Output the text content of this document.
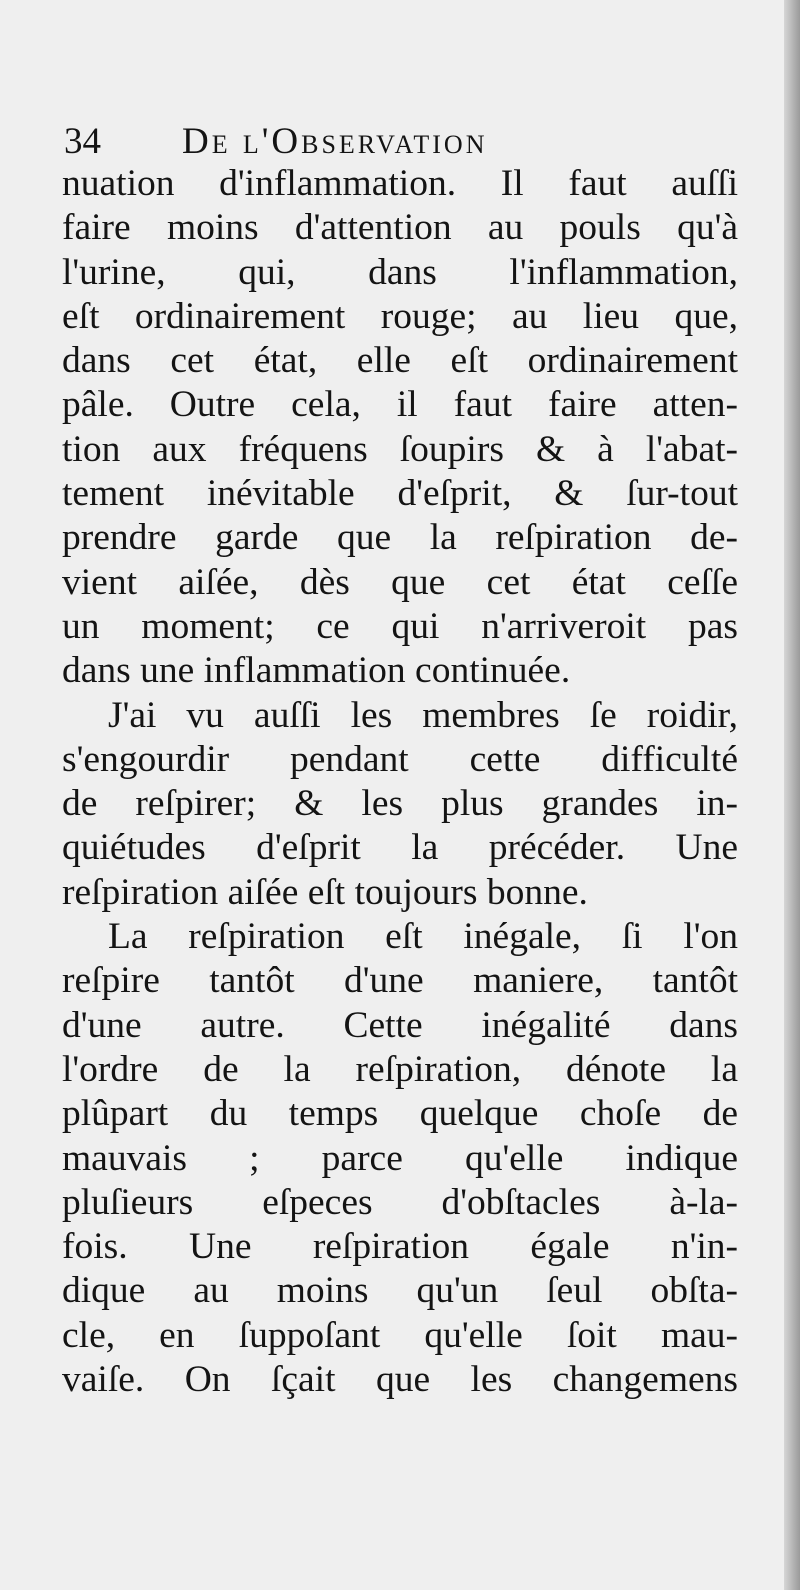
34 De l'Observation
nuation d'inflammation. Il faut auſſi
faire moins d'attention au pouls qu'à
l'urine, qui, dans l'inflammation,
eſt ordinairement rouge; au lieu que,
dans cet état, elle eſt ordinairement
pâle. Outre cela, il faut faire atten-
tion aux fréquens ſoupirs & à l'abat-
tement inévitable d'eſprit, & ſur-tout
prendre garde que la reſpiration de-
vient aiſée, dès que cet état ceſſe
un moment; ce qui n'arriveroit pas
dans une inflammation continuée.
J'ai vu auſſi les membres ſe roidir,
s'engourdir pendant cette difficulté
de reſpirer; & les plus grandes in-
quiétudes d'eſprit la précéder. Une
reſpiration aiſée eſt toujours bonne.
La reſpiration eſt inégale, ſi l'on
reſpire tantôt d'une maniere, tantôt
d'une autre. Cette inégalité dans
l'ordre de la reſpiration, dénote la
plûpart du temps quelque choſe de
mauvais ; parce qu'elle indique
pluſieurs eſpeces d'obſtacles à-la-
fois. Une reſpiration égale n'in-
dique au moins qu'un ſeul obſta-
cle, en ſuppoſant qu'elle ſoit mau-
vaiſe. On ſçait que les changemens
